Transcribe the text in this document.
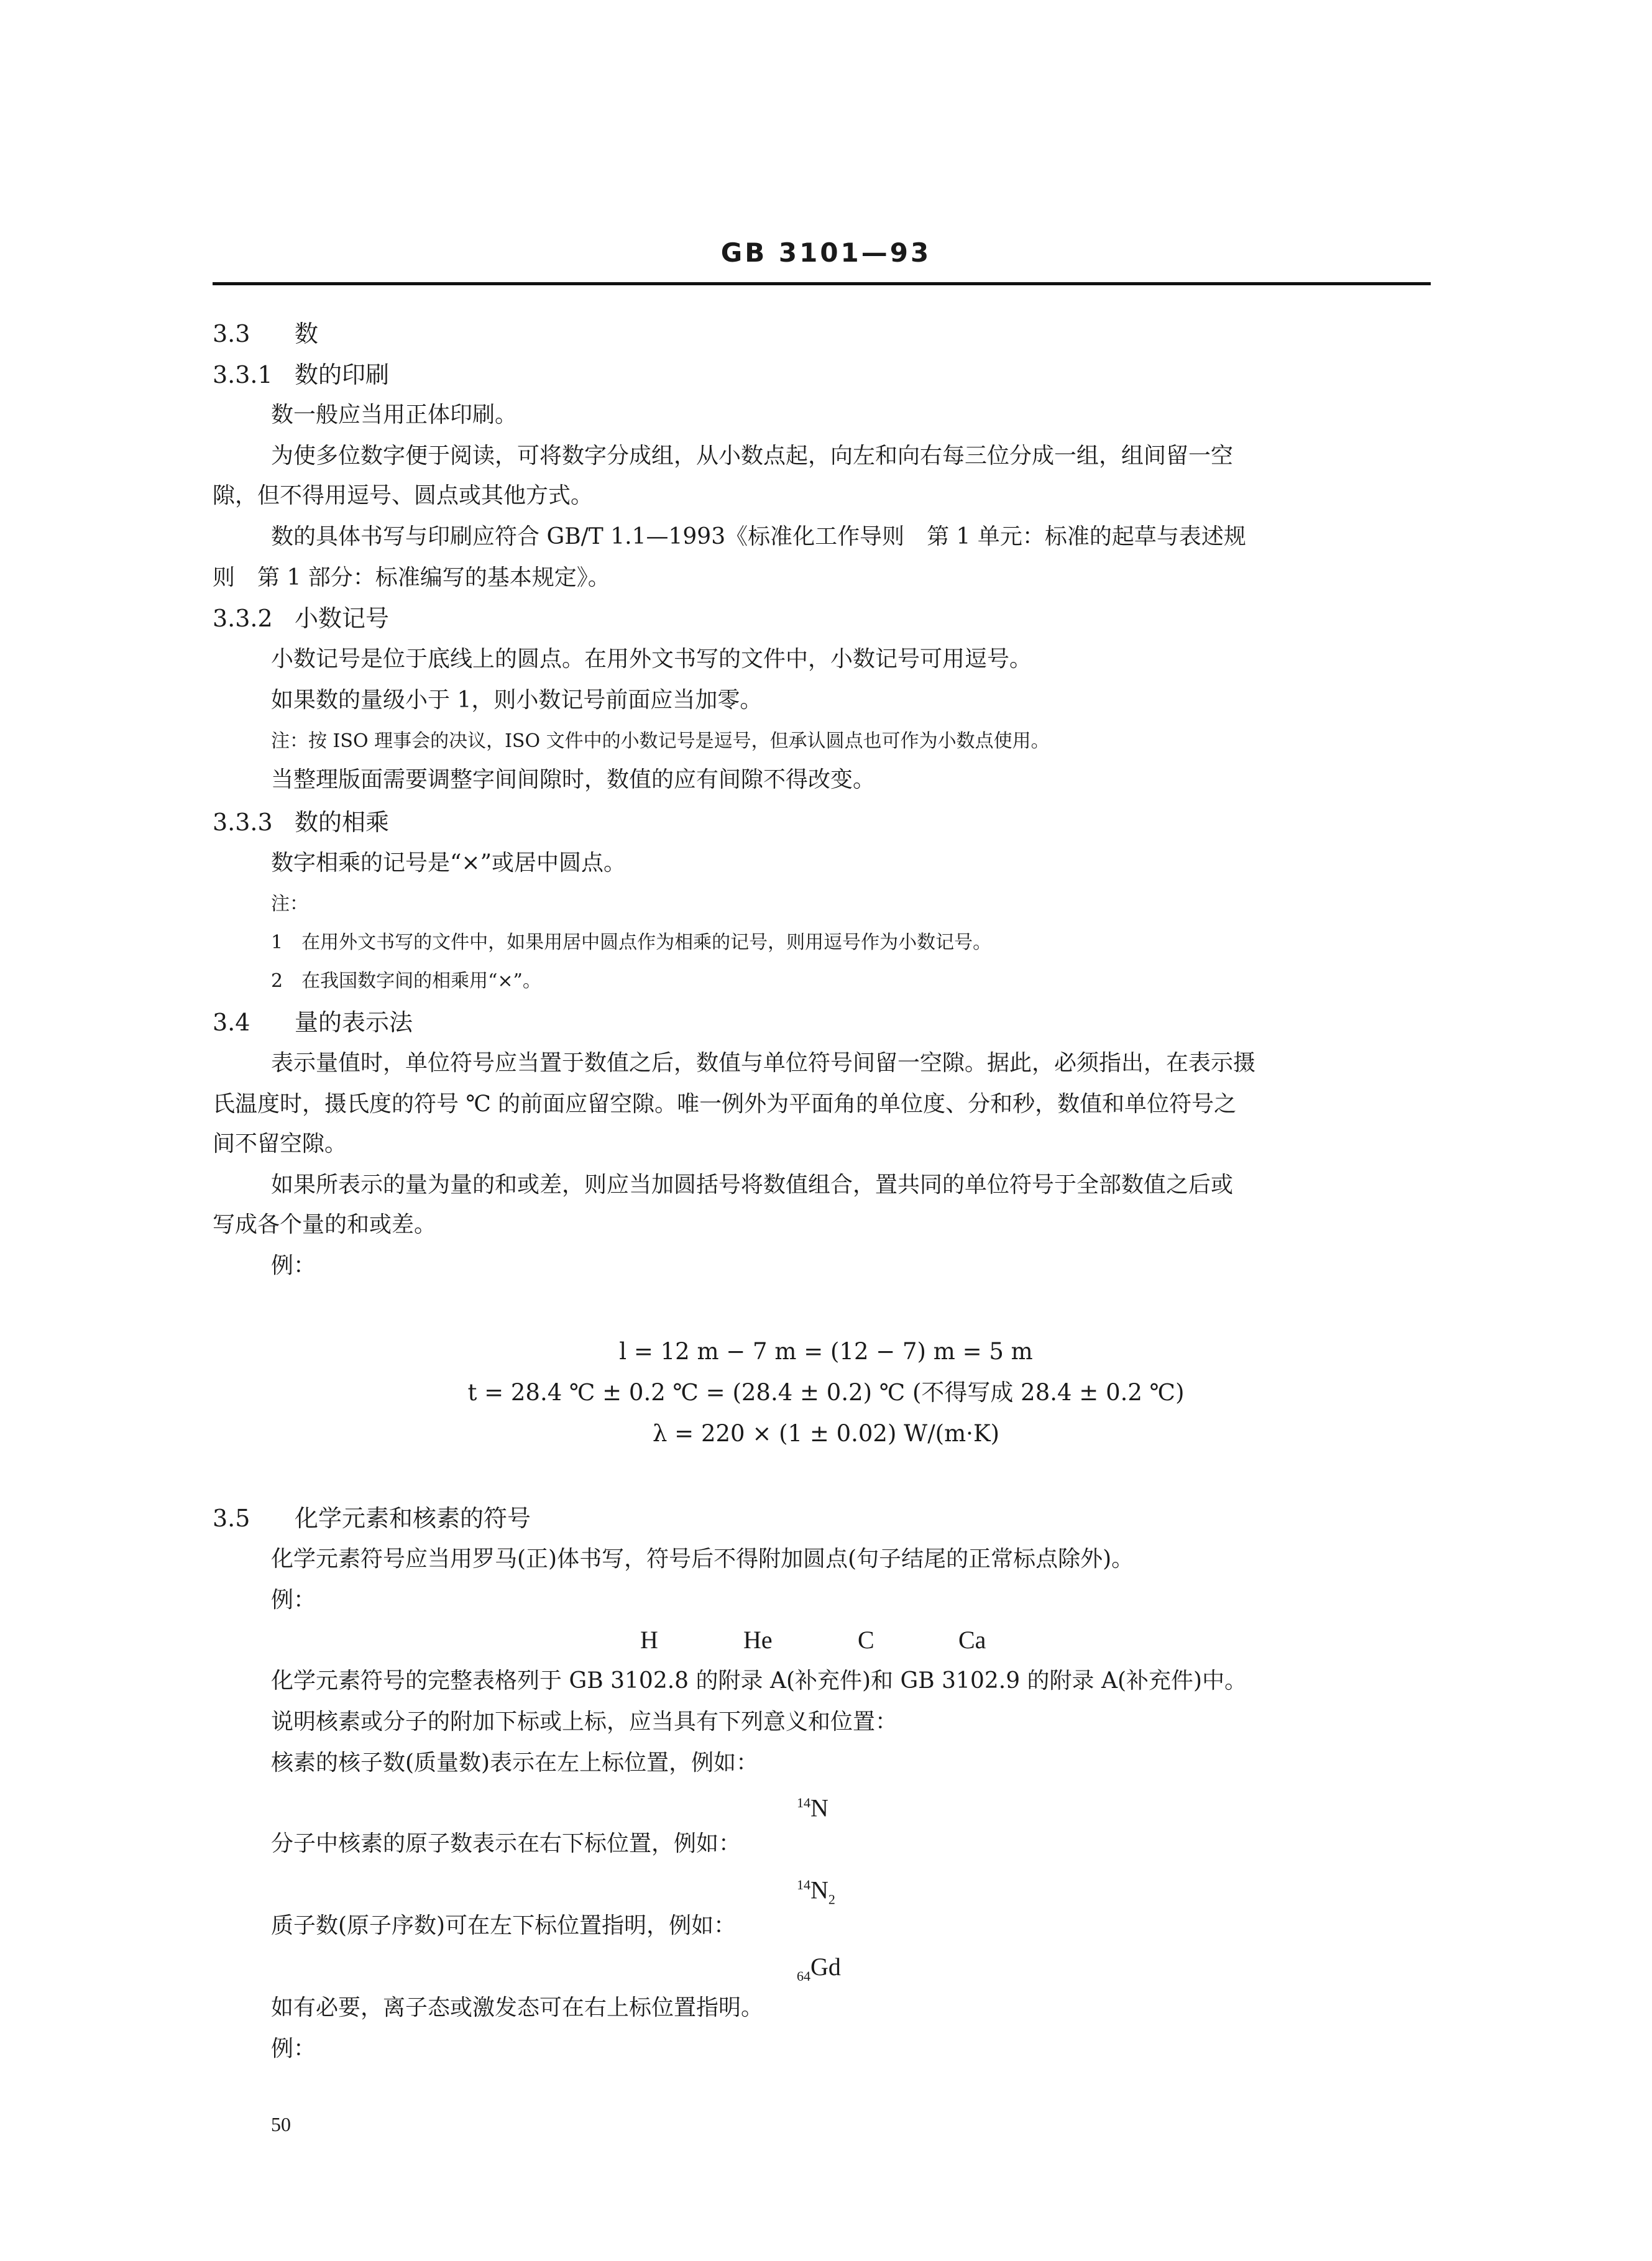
GB 3101—93
3.3 数
3.3.1 数的印刷
数一般应当用正体印刷。
为使多位数字便于阅读，可将数字分成组，从小数点起，向左和向右每三位分成一组，组间留一空
隙，但不得用逗号、圆点或其他方式。
数的具体书写与印刷应符合 GB/T 1.1—1993《标准化工作导则　第 1 单元：标准的起草与表述规
则　第 1 部分：标准编写的基本规定》。
3.3.2 小数记号
小数记号是位于底线上的圆点。在用外文书写的文件中，小数记号可用逗号。
如果数的量级小于 1，则小数记号前面应当加零。
注：按 ISO 理事会的决议，ISO 文件中的小数记号是逗号，但承认圆点也可作为小数点使用。
当整理版面需要调整字间间隙时，数值的应有间隙不得改变。
3.3.3 数的相乘
数字相乘的记号是“×”或居中圆点。
注：
1　在用外文书写的文件中，如果用居中圆点作为相乘的记号，则用逗号作为小数记号。
2　在我国数字间的相乘用“×”。
3.4 量的表示法
表示量值时，单位符号应当置于数值之后，数值与单位符号间留一空隙。据此，必须指出，在表示摄
氏温度时，摄氏度的符号 ℃ 的前面应留空隙。唯一例外为平面角的单位度、分和秒，数值和单位符号之
间不留空隙。
如果所表示的量为量的和或差，则应当加圆括号将数值组合，置共同的单位符号于全部数值之后或
写成各个量的和或差。
例：
l = 12 m − 7 m = (12 − 7) m = 5 m
t = 28.4 ℃ ± 0.2 ℃ = (28.4 ± 0.2) ℃ (不得写成 28.4 ± 0.2 ℃)
λ = 220 × (1 ± 0.02) W/(m·K)
3.5 化学元素和核素的符号
化学元素符号应当用罗马(正)体书写，符号后不得附加圆点(句子结尾的正常标点除外)。
例：
H	He	C	Ca
化学元素符号的完整表格列于 GB 3102.8 的附录 A(补充件)和 GB 3102.9 的附录 A(补充件)中。
说明核素或分子的附加下标或上标，应当具有下列意义和位置：
核素的核子数(质量数)表示在左上标位置，例如：
$^{14}$N
分子中核素的原子数表示在右下标位置，例如：
$^{14}N_2$
质子数(原子序数)可在左下标位置指明，例如：
$_{64}$Gd
如有必要，离子态或激发态可在右上标位置指明。
例：
50
